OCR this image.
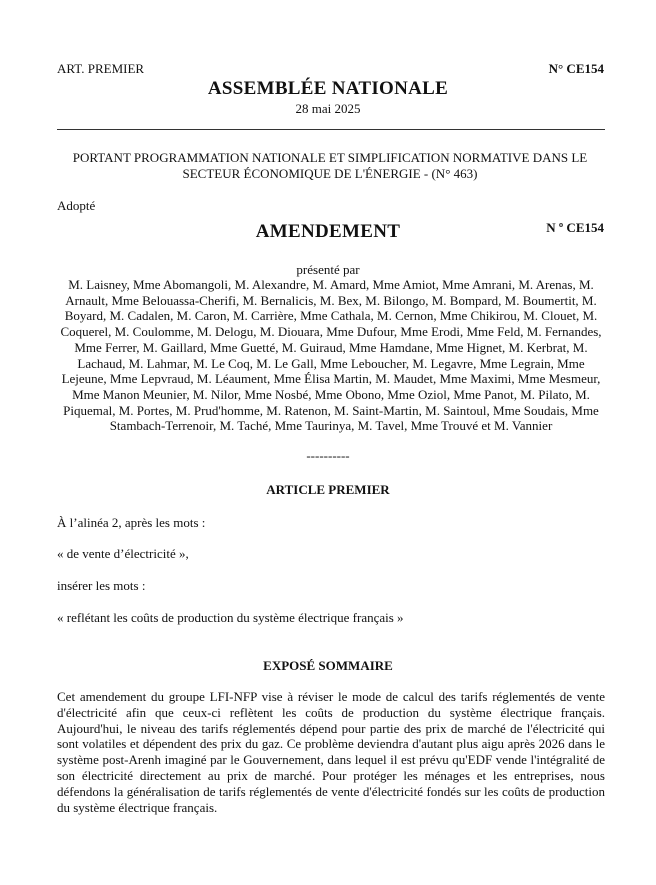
ART. PREMIER	N° CE154
ASSEMBLÉE NATIONALE
28 mai 2025
PORTANT PROGRAMMATION NATIONALE ET SIMPLIFICATION NORMATIVE DANS LE SECTEUR ÉCONOMIQUE DE L'ÉNERGIE - (N° 463)
Adopté
AMENDEMENT	N º CE154
présenté par
M. Laisney, Mme Abomangoli, M. Alexandre, M. Amard, Mme Amiot, Mme Amrani, M. Arenas, M. Arnault, Mme Belouassa-Cherifi, M. Bernalicis, M. Bex, M. Bilongo, M. Bompard, M. Boumertit, M. Boyard, M. Cadalen, M. Caron, M. Carrière, Mme Cathala, M. Cernon, Mme Chikirou, M. Clouet, M. Coquerel, M. Coulomme, M. Delogu, M. Diouara, Mme Dufour, Mme Erodi, Mme Feld, M. Fernandes, Mme Ferrer, M. Gaillard, Mme Guetté, M. Guiraud, Mme Hamdane, Mme Hignet, M. Kerbrat, M. Lachaud, M. Lahmar, M. Le Coq, M. Le Gall, Mme Leboucher, M. Legavre, Mme Legrain, Mme Lejeune, Mme Lepvraud, M. Léaument, Mme Élisa Martin, M. Maudet, Mme Maximi, Mme Mesmeur, Mme Manon Meunier, M. Nilor, Mme Nosbé, Mme Obono, Mme Oziol, Mme Panot, M. Pilato, M. Piquemal, M. Portes, M. Prud'homme, M. Ratenon, M. Saint-Martin, M. Saintoul, Mme Soudais, Mme Stambach-Terrenoir, M. Taché, Mme Taurinya, M. Tavel, Mme Trouvé et M. Vannier
----------
ARTICLE PREMIER
À l’alinéa 2, après les mots :
« de vente d’électricité »,
insérer les mots :
« reflétant les coûts de production du système électrique français »
EXPOSÉ SOMMAIRE
Cet amendement du groupe LFI-NFP vise à réviser le mode de calcul des tarifs réglementés de vente d'électricité afin que ceux-ci reflètent les coûts de production du système électrique français. Aujourd'hui, le niveau des tarifs réglementés dépend pour partie des prix de marché de l'électricité qui sont volatiles et dépendent des prix du gaz. Ce problème deviendra d'autant plus aigu après 2026 dans le système post-Arenh imaginé par le Gouvernement, dans lequel il est prévu qu'EDF vende l'intégralité de son électricité directement au prix de marché. Pour protéger les ménages et les entreprises, nous défendons la généralisation de tarifs réglementés de vente d'électricité fondés sur les coûts de production du système électrique français.
